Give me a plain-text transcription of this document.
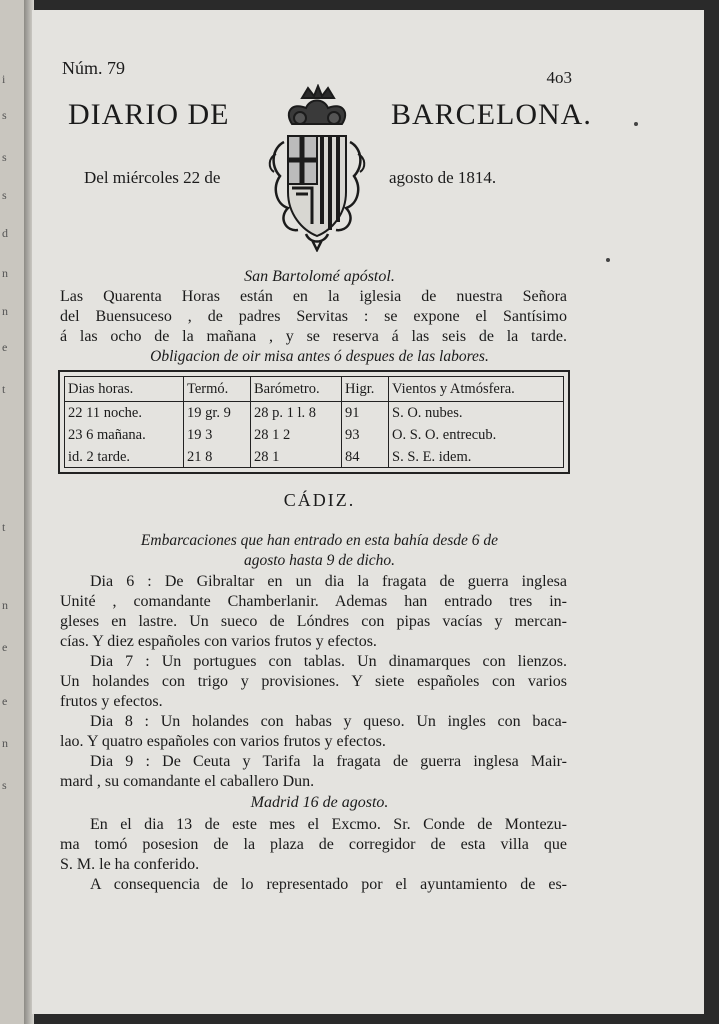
i
s
s
s
d
n
n
e
t
t
n
e
e
n
s
Núm. 79	4o3
DIARIO DE	BARCELONA.
Del miércoles 22 de	agosto de 1814.
San Bartolomé apóstol.
Las Quarenta Horas están en la iglesia de nuestra Señora
del Buensuceso , de padres Servitas : se expone el Santísimo
á las ocho de la mañana , y se reserva á las seis de la tarde.
Obligacion de oir misa antes ó despues de las labores.
Dias horas.	Termó.	Barómetro.	Higr.	Vientos y Atmósfera.
22 11 noche.	19 gr. 9	28 p. 1 l. 8	91	S. O. nubes.
23 6 mañana.	19 3	28 1 2	93	O. S. O. entrecub.
id. 2 tarde.	21 8	28 1	84	S. S. E. idem.
CÁDIZ.
Embarcaciones que han entrado en esta bahía desde 6 de
agosto hasta 9 de dicho.
Dia 6 : De Gibraltar en un dia la fragata de guerra inglesa
Unité , comandante Chamberlanir. Ademas han entrado tres in-
gleses en lastre. Un sueco de Lóndres con pipas vacías y mercan-
cías. Y diez españoles con varios frutos y efectos.
Dia 7 : Un portugues con tablas. Un dinamarques con lienzos.
Un holandes con trigo y provisiones. Y siete españoles con varios
frutos y efectos.
Dia 8 : Un holandes con habas y queso. Un ingles con baca-
lao. Y quatro españoles con varios frutos y efectos.
Dia 9 : De Ceuta y Tarifa la fragata de guerra inglesa Mair-
mard , su comandante el caballero Dun.
Madrid 16 de agosto.
En el dia 13 de este mes el Excmo. Sr. Conde de Montezu-
ma tomó posesion de la plaza de corregidor de esta villa que
S. M. le ha conferido.
A consequencia de lo representado por el ayuntamiento de es-
